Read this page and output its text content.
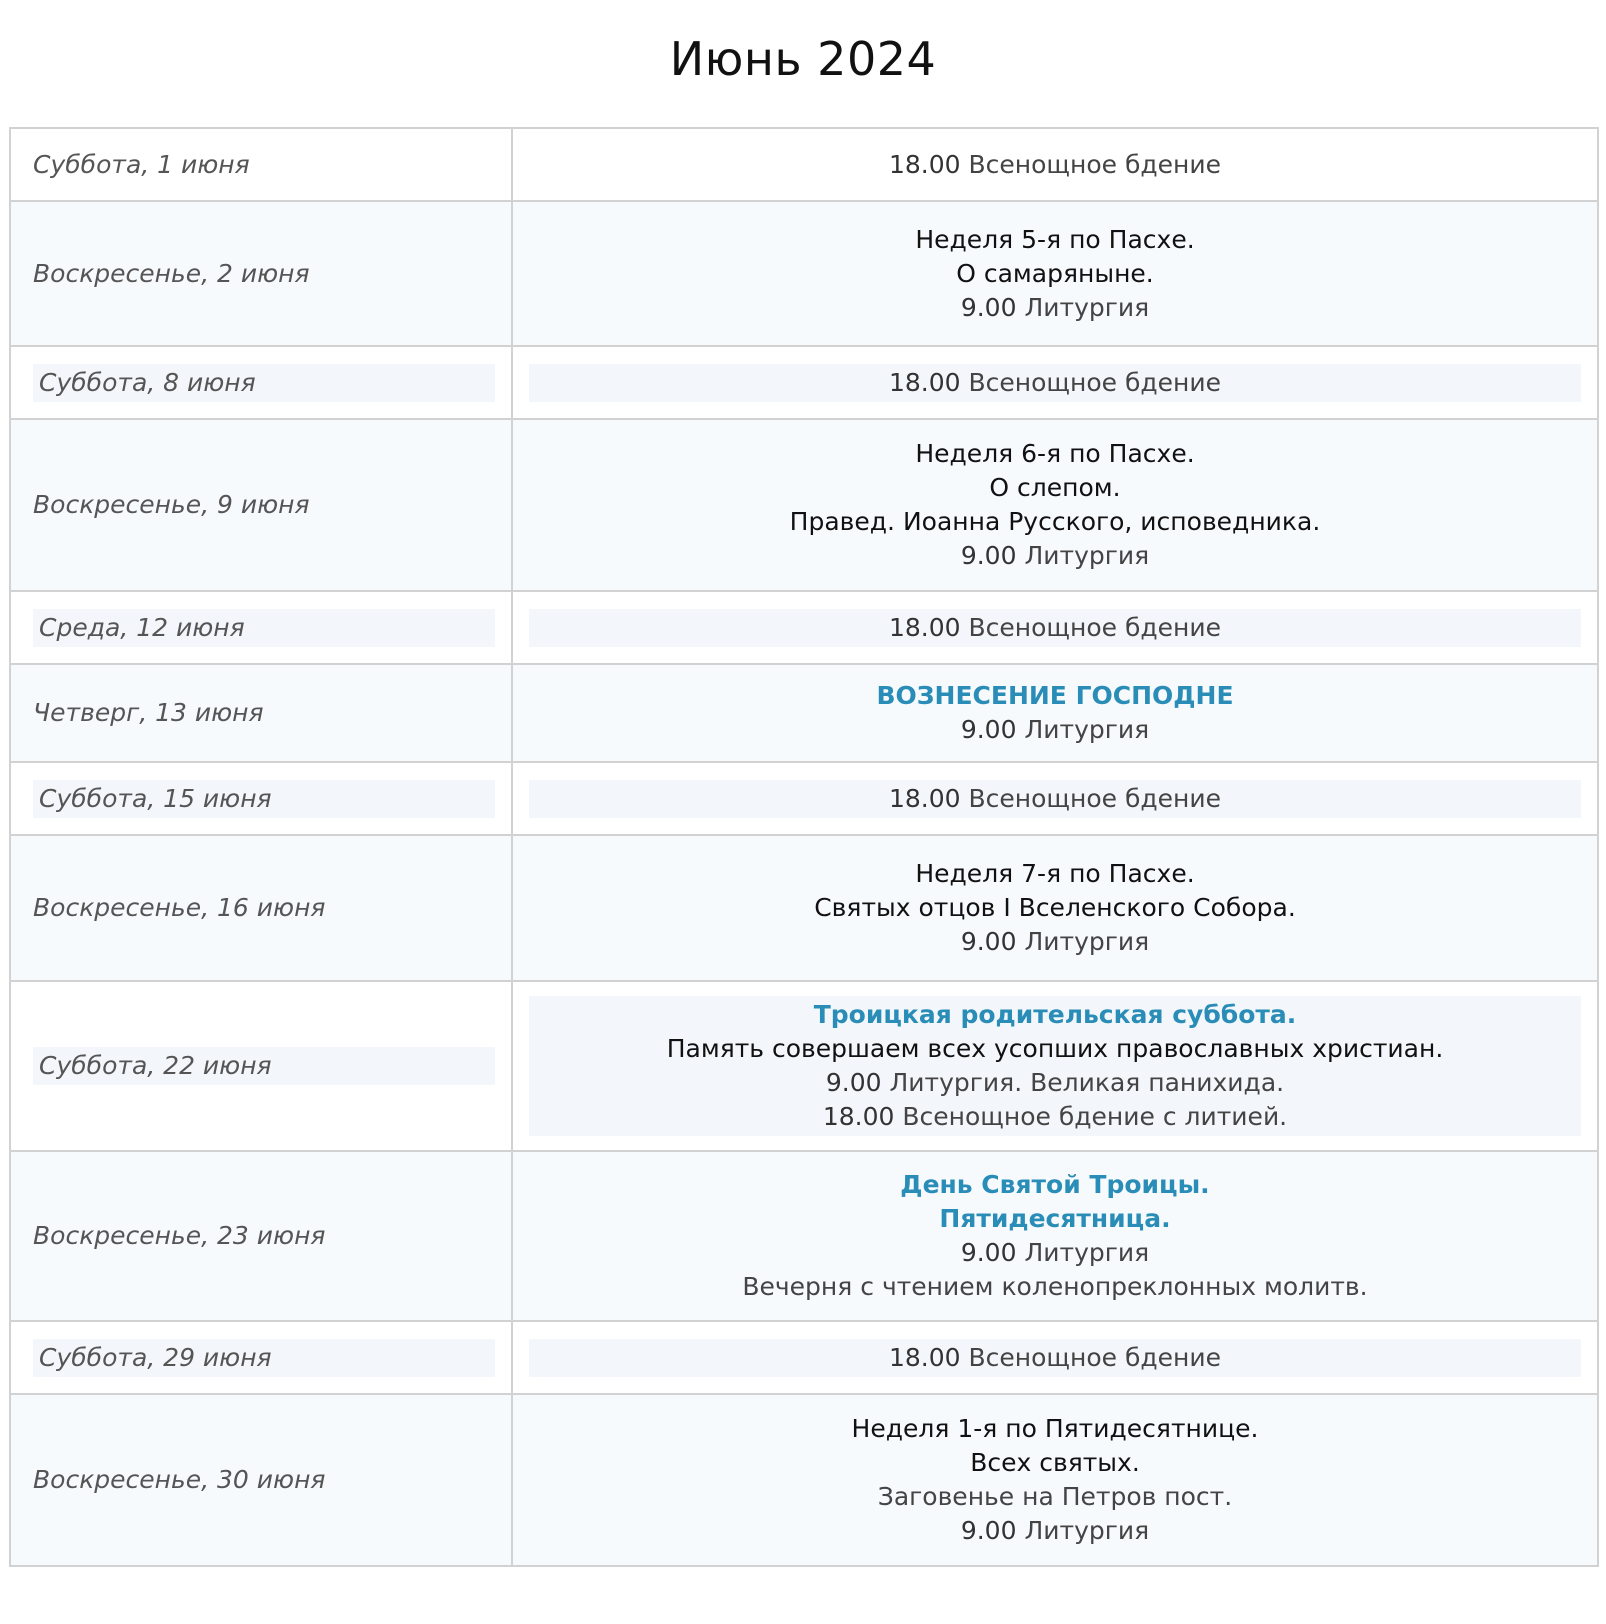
Июнь 2024
Суббота, 1 июня	18.00 Всенощное бдение

Воскресенье, 2 июня	Неделя 5-я по Пасхе.
О самаряныне.
9.00 Литургия

Суббота, 8 июня	18.00 Всенощное бдение

Воскресенье, 9 июня	Неделя 6-я по Пасхе.
О слепом.
Правед. Иоанна Русского, исповедника.
9.00 Литургия

Среда, 12 июня	18.00 Всенощное бдение

Четверг, 13 июня	ВОЗНЕСЕНИЕ ГОСПОДНЕ
9.00 Литургия

Суббота, 15 июня	18.00 Всенощное бдение

Воскресенье, 16 июня	Неделя 7-я по Пасхе.
Святых отцов I Вселенского Собора.
9.00 Литургия

Суббота, 22 июня	Троицкая родительская суббота.
Память совершаем всех усопших православных христиан.
9.00 Литургия. Великая панихида.
18.00 Всенощное бдение с литией.

Воскресенье, 23 июня	День Святой Троицы.
Пятидесятница.
9.00 Литургия
Вечерня с чтением коленопреклонных молитв.

Суббота, 29 июня	18.00 Всенощное бдение

Воскресенье, 30 июня	Неделя 1-я по Пятидесятнице.
Всех святых.
Заговенье на Петров пост.
9.00 Литургия
